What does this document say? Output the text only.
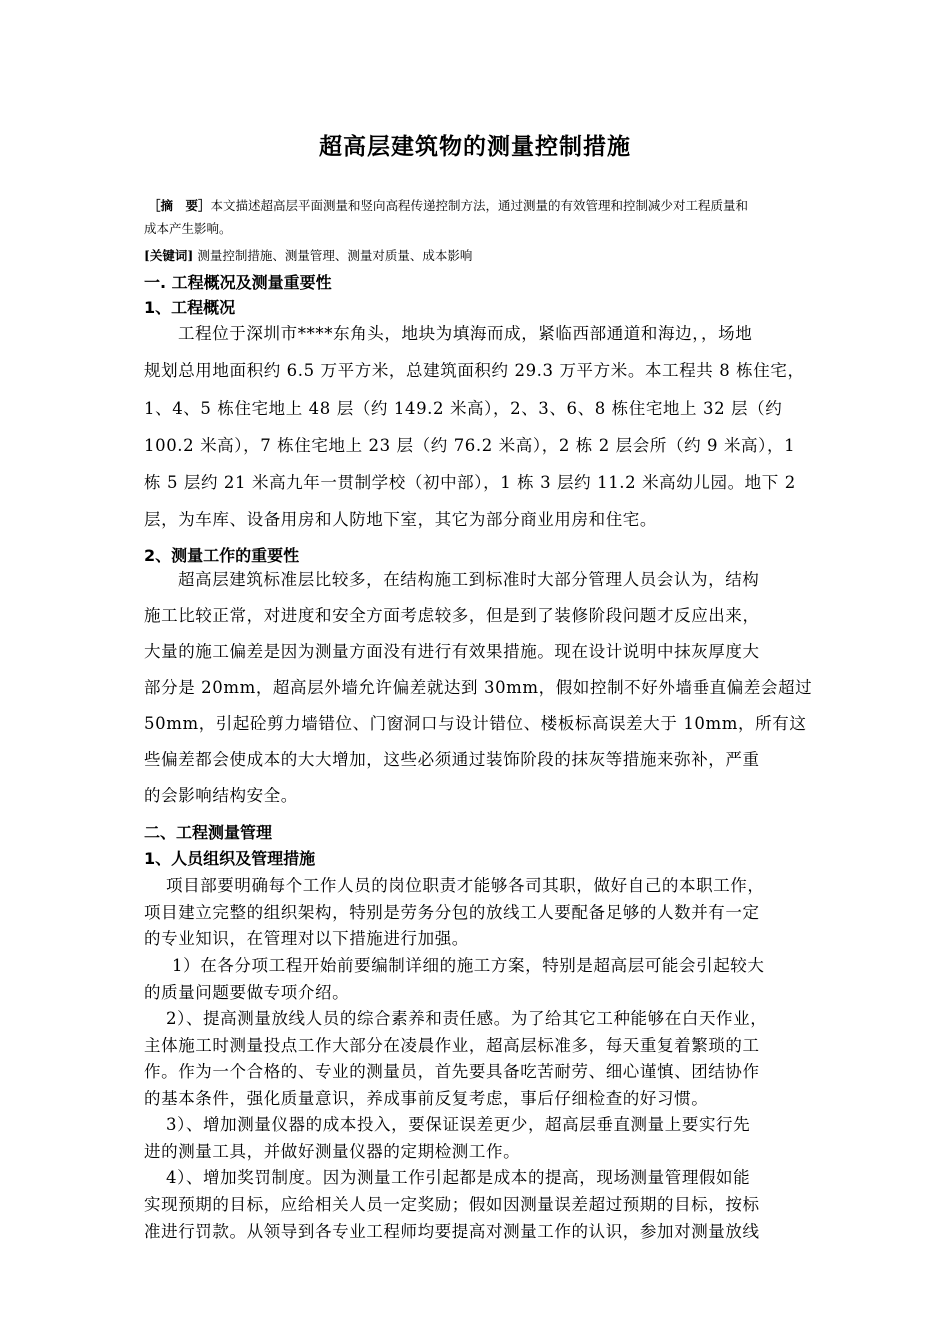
超高层建筑物的测量控制措施
［摘　要］本文描述超高层平面测量和竖向高程传递控制方法，通过测量的有效管理和控制减少对工程质量和
成本产生影响。
[关键词] 测量控制措施、测量管理、测量对质量、成本影响
一. 工程概况及测量重要性
1、工程概况
工程位于深圳市****东角头，地块为填海而成，紧临西部通道和海边，，场地
规划总用地面积约 6.5 万平方米，总建筑面积约 29.3 万平方米。本工程共 8 栋住宅，
1、4、5 栋住宅地上 48 层（约 149.2 米高），2、3、6、8 栋住宅地上 32 层（约
100.2 米高），7 栋住宅地上 23 层（约 76.2 米高），2 栋 2 层会所（约 9 米高），1
栋 5 层约 21 米高九年一贯制学校（初中部），1 栋 3 层约 11.2 米高幼儿园。地下 2
层，为车库、设备用房和人防地下室，其它为部分商业用房和住宅。
2、测量工作的重要性
超高层建筑标准层比较多，在结构施工到标准时大部分管理人员会认为，结构
施工比较正常，对进度和安全方面考虑较多，但是到了装修阶段问题才反应出来，
大量的施工偏差是因为测量方面没有进行有效果措施。现在设计说明中抹灰厚度大
部分是 20mm，超高层外墙允许偏差就达到 30mm，假如控制不好外墙垂直偏差会超过
50mm，引起砼剪力墙错位、门窗洞口与设计错位、楼板标高误差大于 10mm，所有这
些偏差都会使成本的大大增加，这些必须通过装饰阶段的抹灰等措施来弥补，严重
的会影响结构安全。
二、工程测量管理
1、人员组织及管理措施
项目部要明确每个工作人员的岗位职责才能够各司其职，做好自己的本职工作，
项目建立完整的组织架构，特别是劳务分包的放线工人要配备足够的人数并有一定
的专业知识，在管理对以下措施进行加强。
1）在各分项工程开始前要编制详细的施工方案，特别是超高层可能会引起较大
的质量问题要做专项介绍。
2）、提高测量放线人员的综合素养和责任感。为了给其它工种能够在白天作业，
主体施工时测量投点工作大部分在凌晨作业，超高层标准多，每天重复着繁琐的工
作。作为一个合格的、专业的测量员，首先要具备吃苦耐劳、细心谨慎、团结协作
的基本条件，强化质量意识，养成事前反复考虑，事后仔细检查的好习惯。
3）、增加测量仪器的成本投入，要保证误差更少，超高层垂直测量上要实行先
进的测量工具，并做好测量仪器的定期检测工作。
4）、增加奖罚制度。因为测量工作引起都是成本的提高，现场测量管理假如能
实现预期的目标，应给相关人员一定奖励；假如因测量误差超过预期的目标，按标
准进行罚款。从领导到各专业工程师均要提高对测量工作的认识，参加对测量放线
